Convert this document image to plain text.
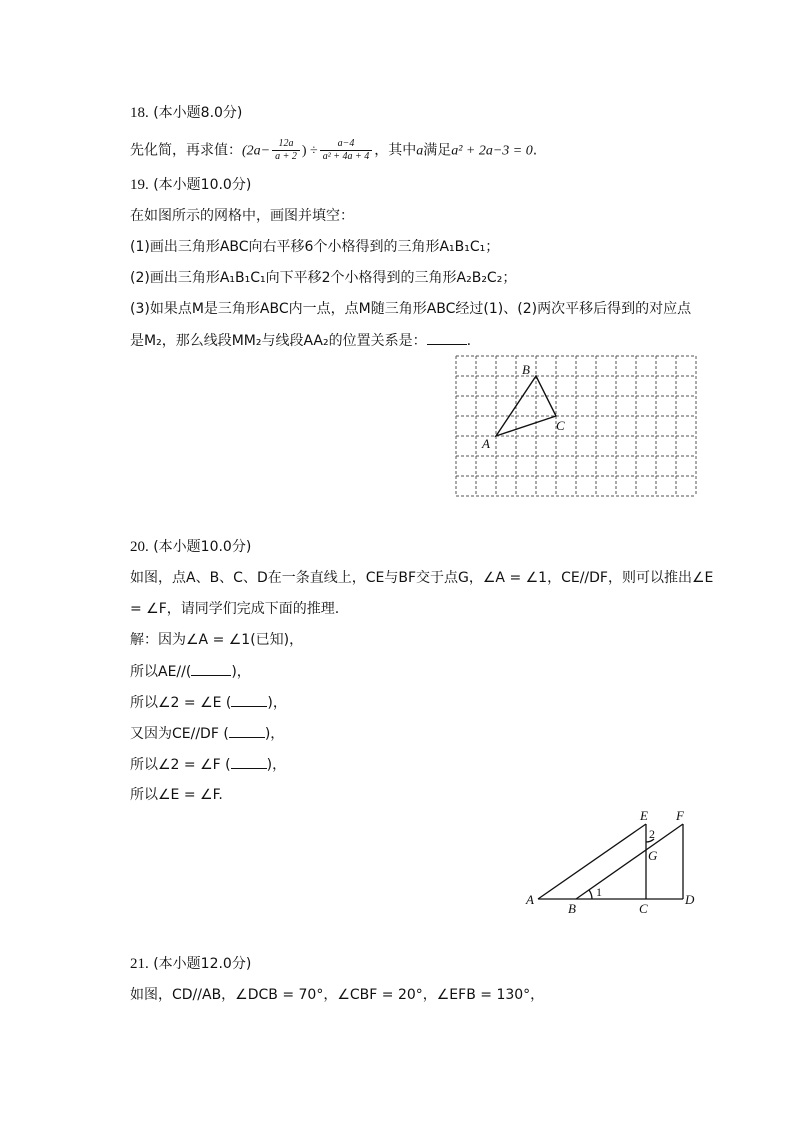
18. (本小题8.0分)
先化简，再求值：($2a- \frac{12a}{a + 2}$ ) ÷ $\frac{a-4}{\text{a² + 4a + 4}}$ ，其中a满足a² + 2a−3 = 0.
19. (本小题10.0分)
在如图所示的网格中，画图并填空：
(1)画出三角形ABC向右平移6个小格得到的三角形A₁B₁C₁；
(2)画出三角形A₁B₁C₁向下平移2个小格得到的三角形A₂B₂C₂；
(3)如果点M是三角形ABC内一点，点M随三角形ABC经过(1)、(2)两次平移后得到的对应点
是M₂，那么线段MM₂与线段AA₂的位置关系是：	.
A
B
C
20. (本小题10.0分)
如图，点A、B、C、D在一条直线上，CE与BF交于点G，∠A = ∠1，CE//DF，则可以推出∠E
= ∠F，请同学们完成下面的推理.
解：因为∠A = ∠1(已知)，
所以AE//(	)，
所以∠2 = ∠E (	)，
又因为CE//DF (	)，
所以∠2 = ∠F (	)，
所以∠E = ∠F.
A
B	C
D
E F
G
1
2
21. (本小题12.0分)
如图，CD//AB，∠DCB = 70°，∠CBF = 20°，∠EFB = 130°，
